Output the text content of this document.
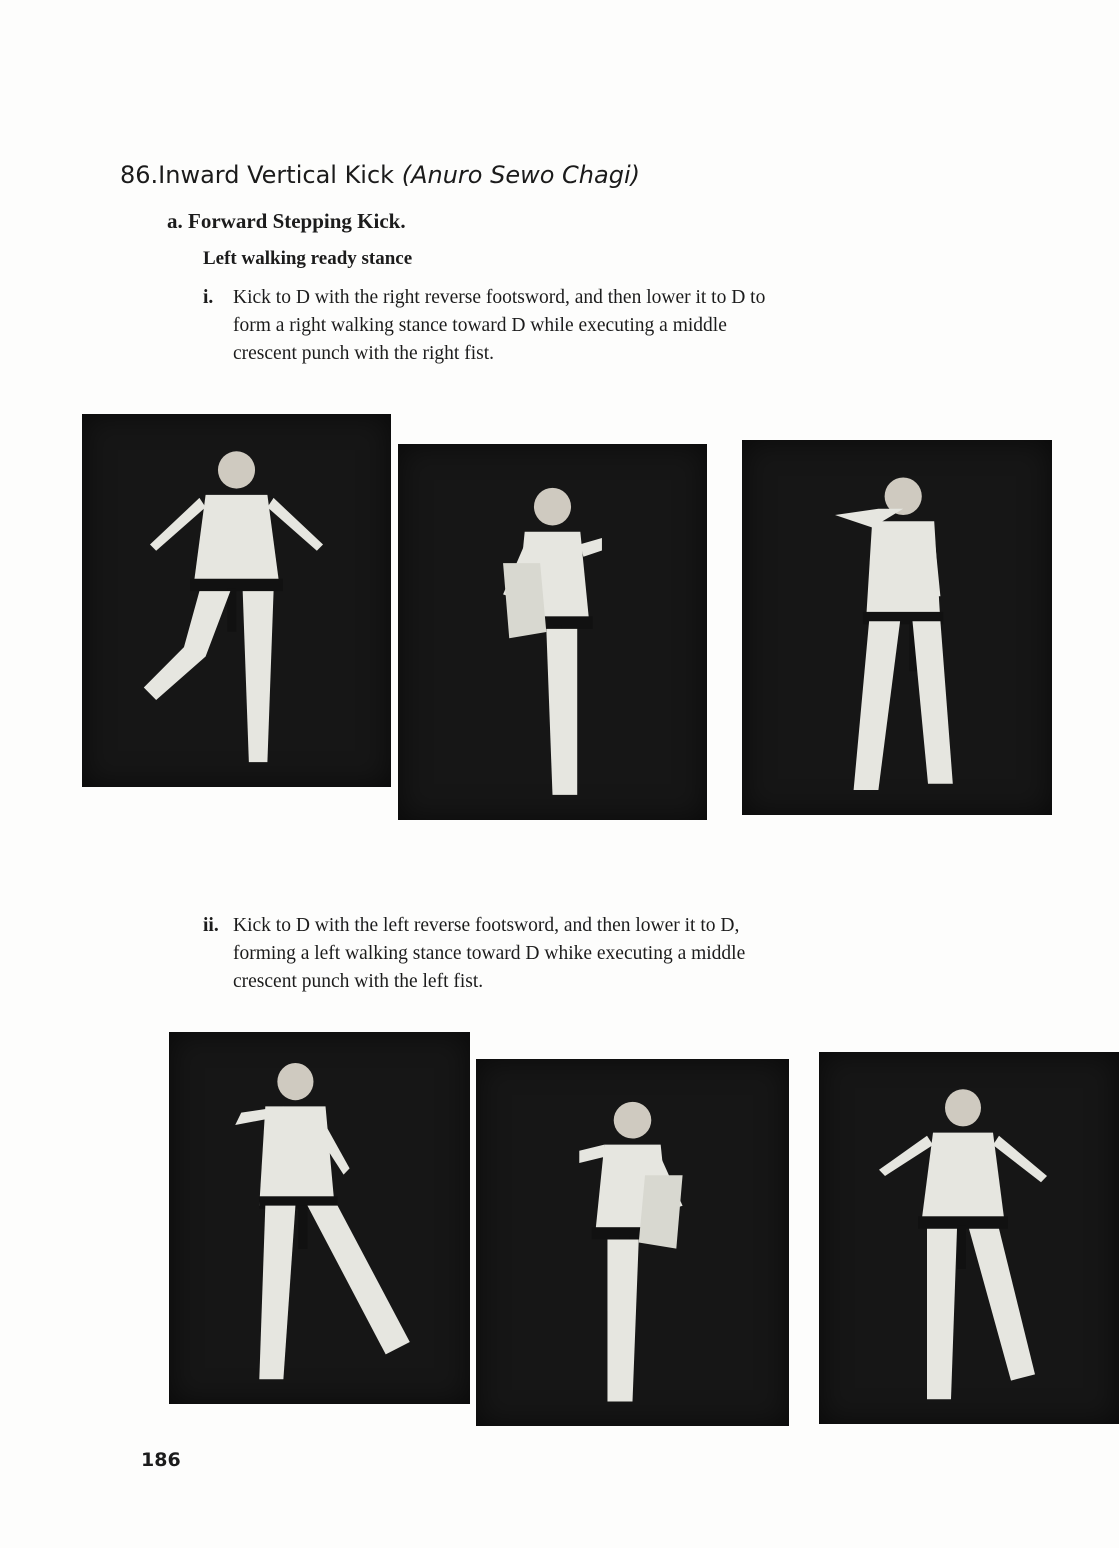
86.Inward Vertical Kick (Anuro Sewo Chagi)
a. Forward Stepping Kick.
Left walking ready stance
i.	Kick to D with the right reverse footsword, and then lower it to D to
form a right walking stance toward D while executing a middle
crescent punch with the right fist.
ii. Kick to D with the left reverse footsword, and then lower it to D,
forming a left walking stance toward D whike executing a middle
crescent punch with the left fist.
186
